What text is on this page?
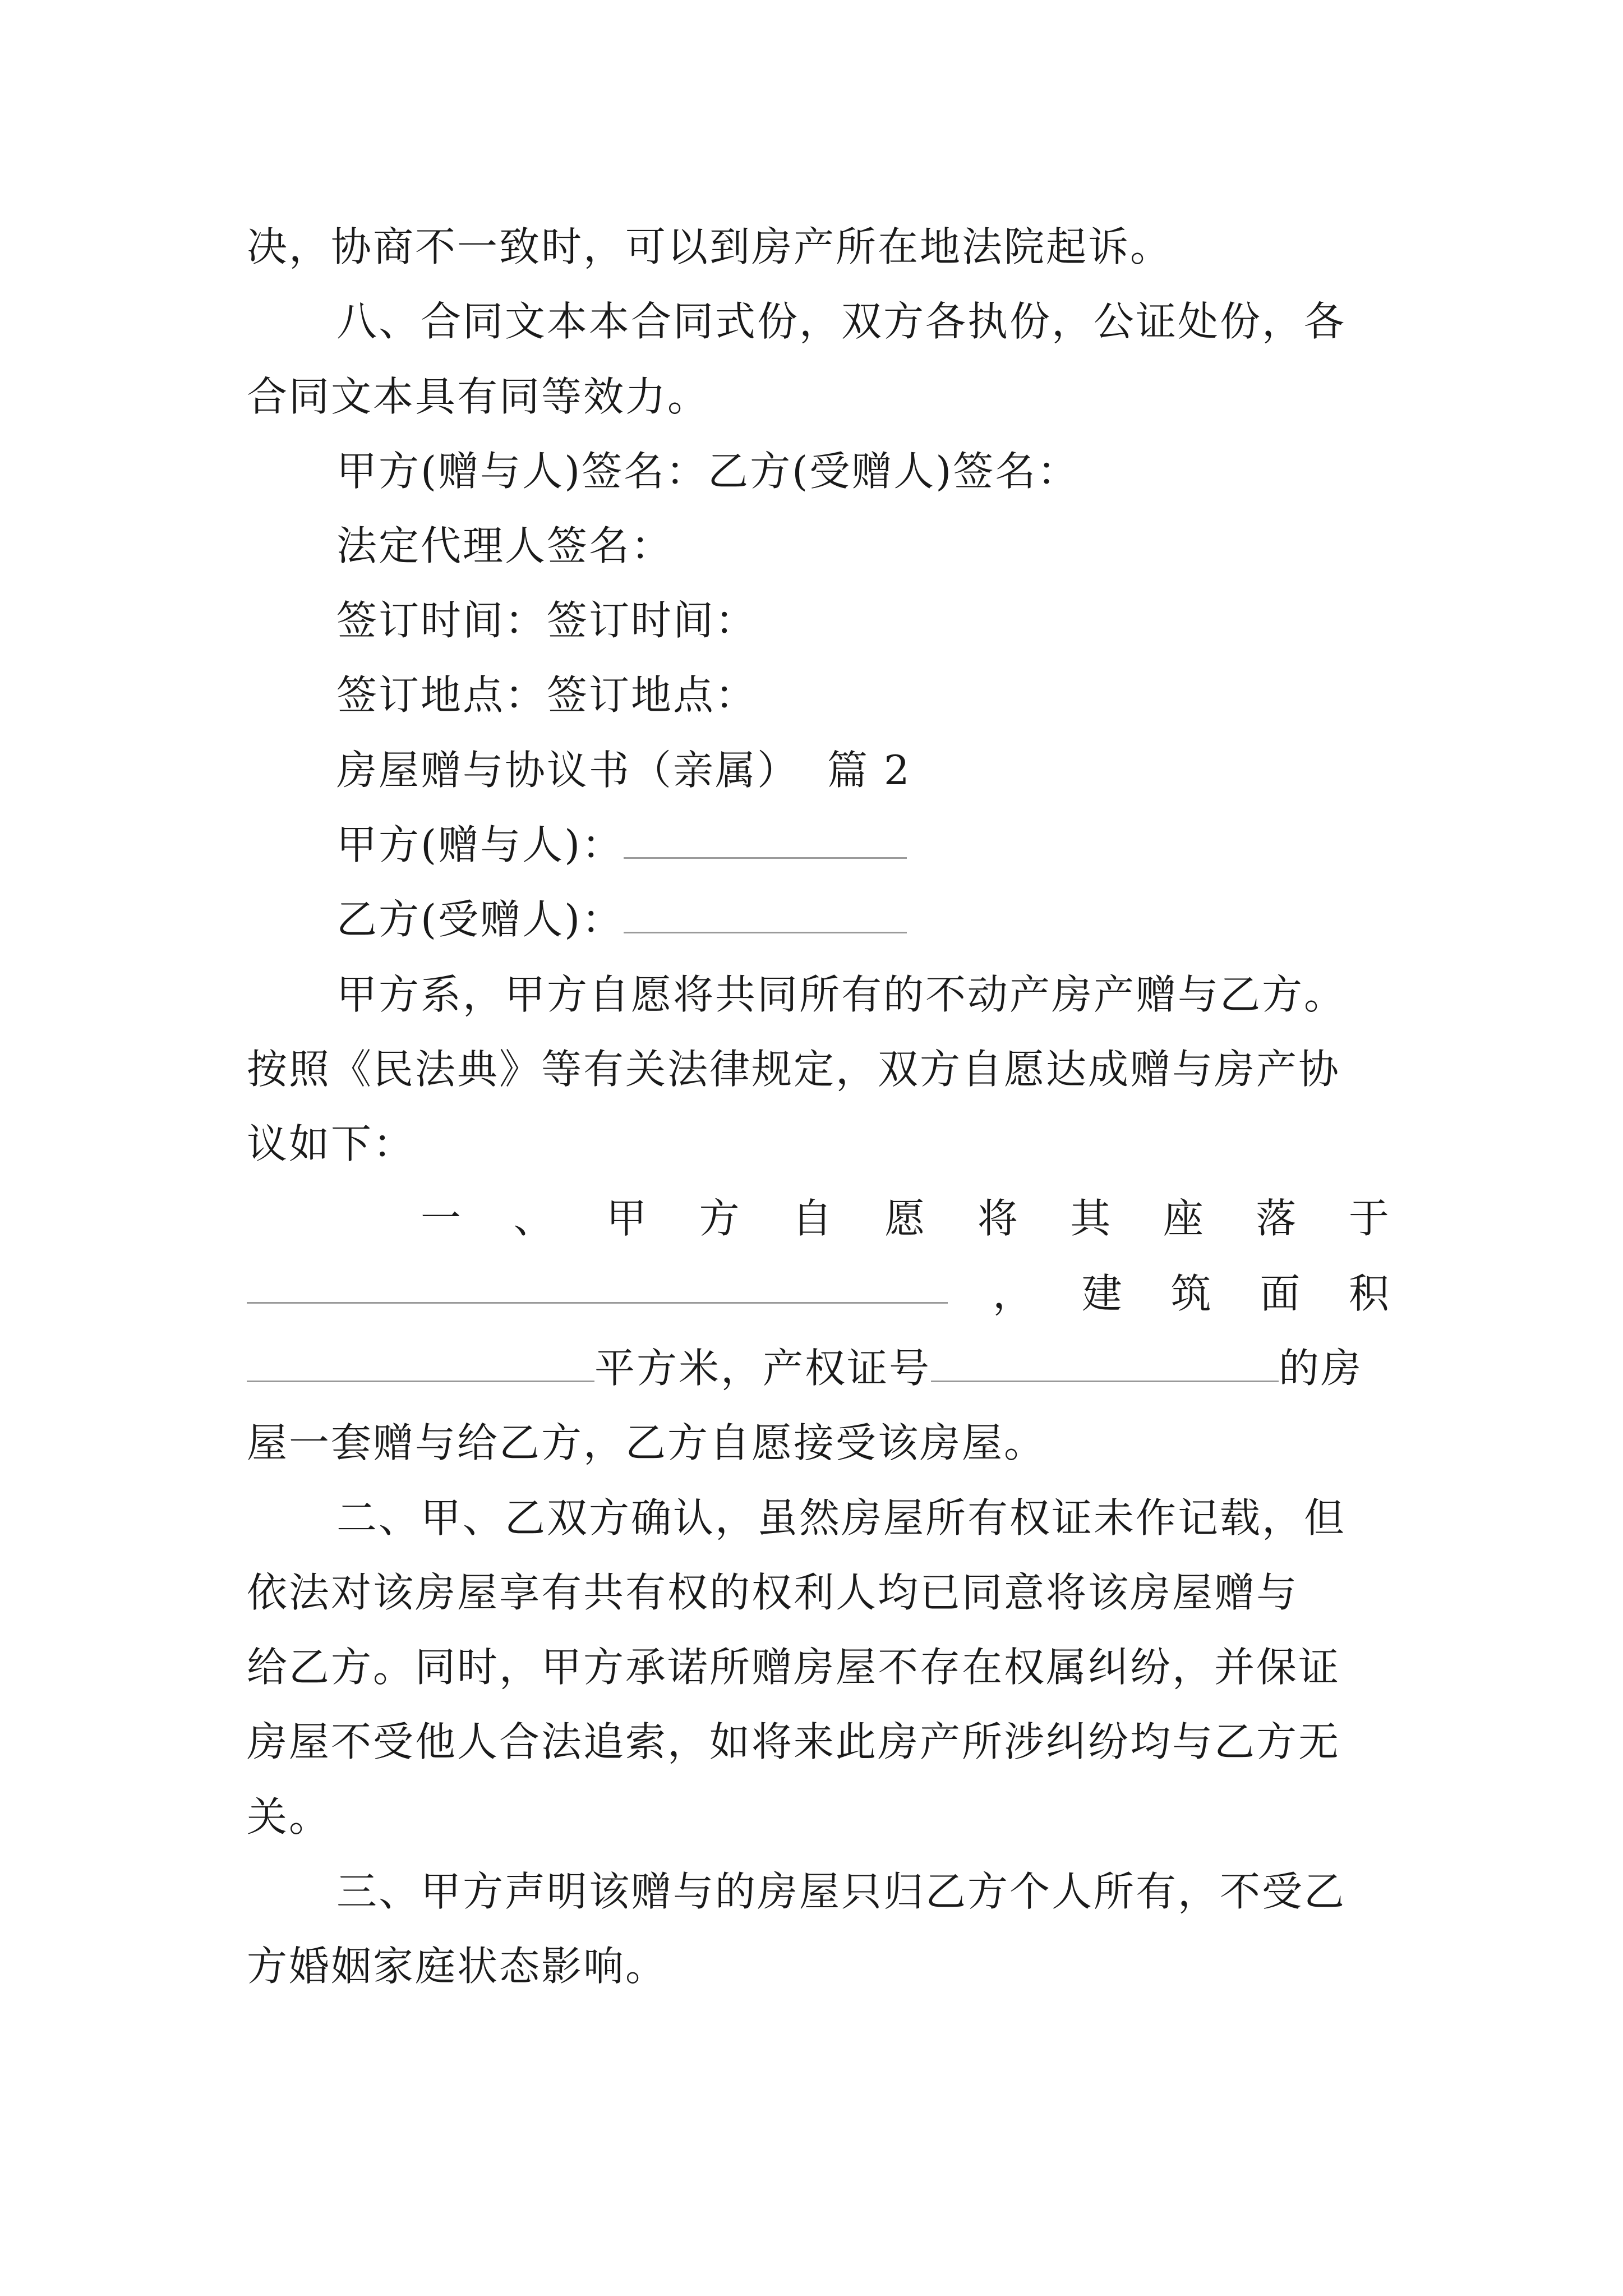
决，协商不一致时，可以到房产所在地法院起诉。
八、合同文本本合同式份，双方各执份，公证处份，各
合同文本具有同等效力。
甲方(赠与人)签名：乙方(受赠人)签名：
法定代理人签名：
签订时间：签订时间：
签订地点：签订地点：
房屋赠与协议书（亲属） 篇 2
甲方(赠与人)：
乙方(受赠人)：
甲方系，甲方自愿将共同所有的不动产房产赠与乙方。
按照《民法典》等有关法律规定，双方自愿达成赠与房产协
议如下：
一 、 甲 方 自 愿 将 其 座 落 于
， 建 筑 面 积
平方米，产权证号	的房
屋一套赠与给乙方，乙方自愿接受该房屋。
二、甲、乙双方确认，虽然房屋所有权证未作记载，但
依法对该房屋享有共有权的权利人均已同意将该房屋赠与
给乙方。同时，甲方承诺所赠房屋不存在权属纠纷，并保证
房屋不受他人合法追索，如将来此房产所涉纠纷均与乙方无
关。
三、甲方声明该赠与的房屋只归乙方个人所有，不受乙
方婚姻家庭状态影响。
